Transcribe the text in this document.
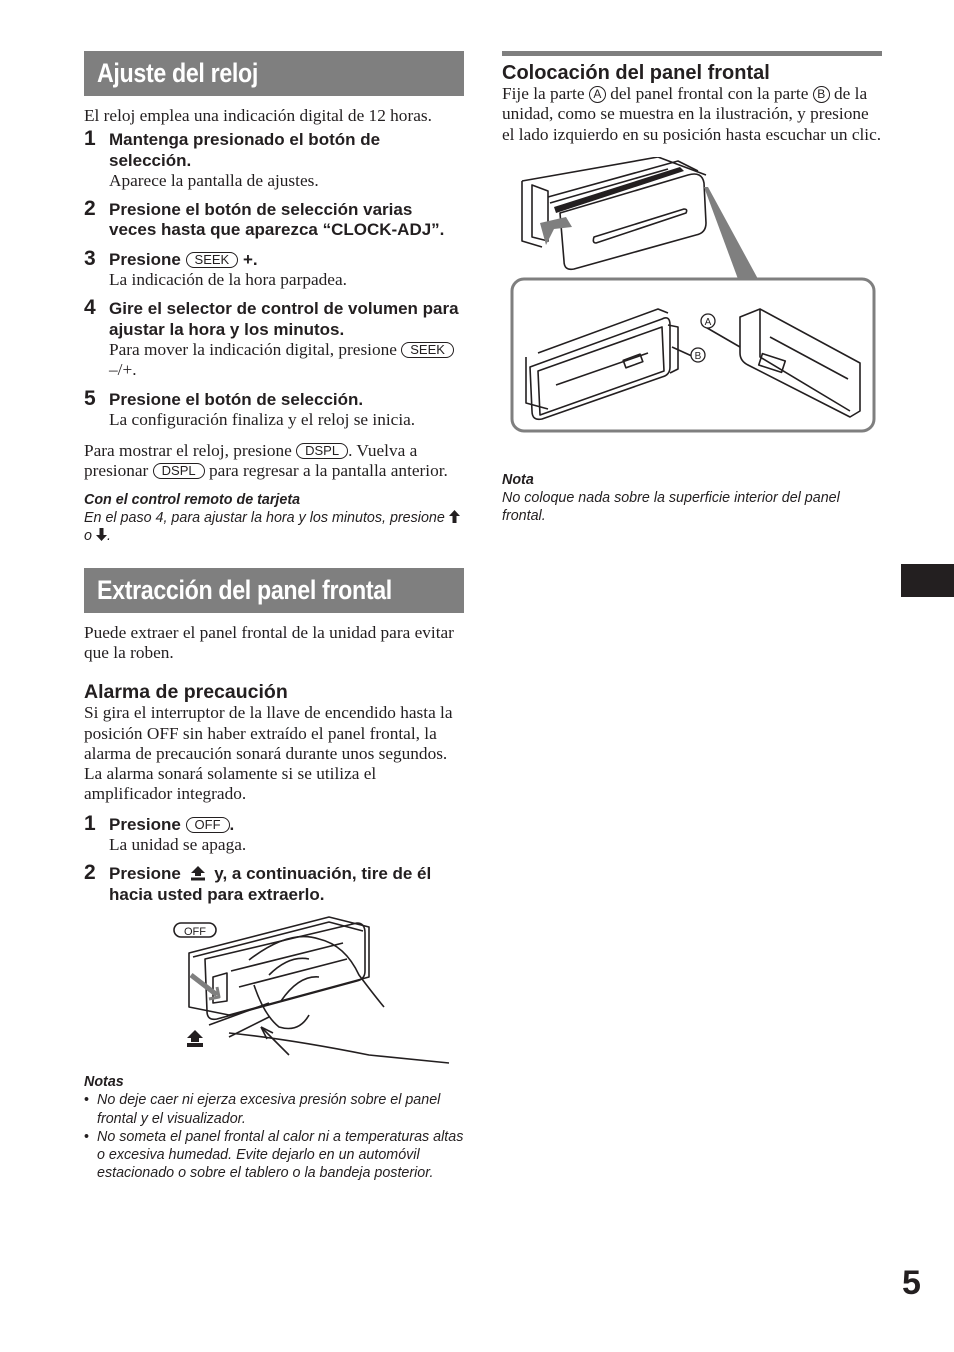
Ajuste del reloj

El reloj emplea una indicación digital de 12 horas.

1 Mantenga presionado el botón de selección.
Aparece la pantalla de ajustes.
2 Presione el botón de selección varias veces hasta que aparezca “CLOCK-ADJ”.
3 Presione SEEK +.
La indicación de la hora parpadea.
4 Gire el selector de control de volumen para ajustar la hora y los minutos.
Para mover la indicación digital, presione SEEK –/+.
5 Presione el botón de selección.
La configuración finaliza y el reloj se inicia.

Para mostrar el reloj, presione DSPL . Vuelva a presionar DSPL para regresar a la pantalla anterior.

Con el control remoto de tarjeta
En el paso 4, para ajustar la hora y los minutos, presione  o .
Extracción del panel frontal

Puede extraer el panel frontal de la unidad para evitar que la roben.

Alarma de precaución

Si gira el interruptor de la llave de encendido hasta la posición OFF sin haber extraído el panel frontal, la alarma de precaución sonará durante unos segundos.

La alarma sonará solamente si se utiliza el amplificador integrado.

1 Presione OFF .
La unidad se apaga.
2 Presione y, a continuación, tire de él hacia usted para extraerlo.
OFF
Notas
• No deje caer ni ejerza excesiva presión sobre el panel frontal y el visualizador.
• No someta el panel frontal al calor ni a temperaturas altas o excesiva humedad. Evite dejarlo en un automóvil estacionado o sobre el tablero o la bandeja posterior.
Colocación del panel frontal

Fije la parte A del panel frontal con la parte B de la unidad, como se muestra en la ilustración, y presione el lado izquierdo en su posición hasta escuchar un clic.

A
B
Nota
No coloque nada sobre la superficie interior del panel frontal.
5
